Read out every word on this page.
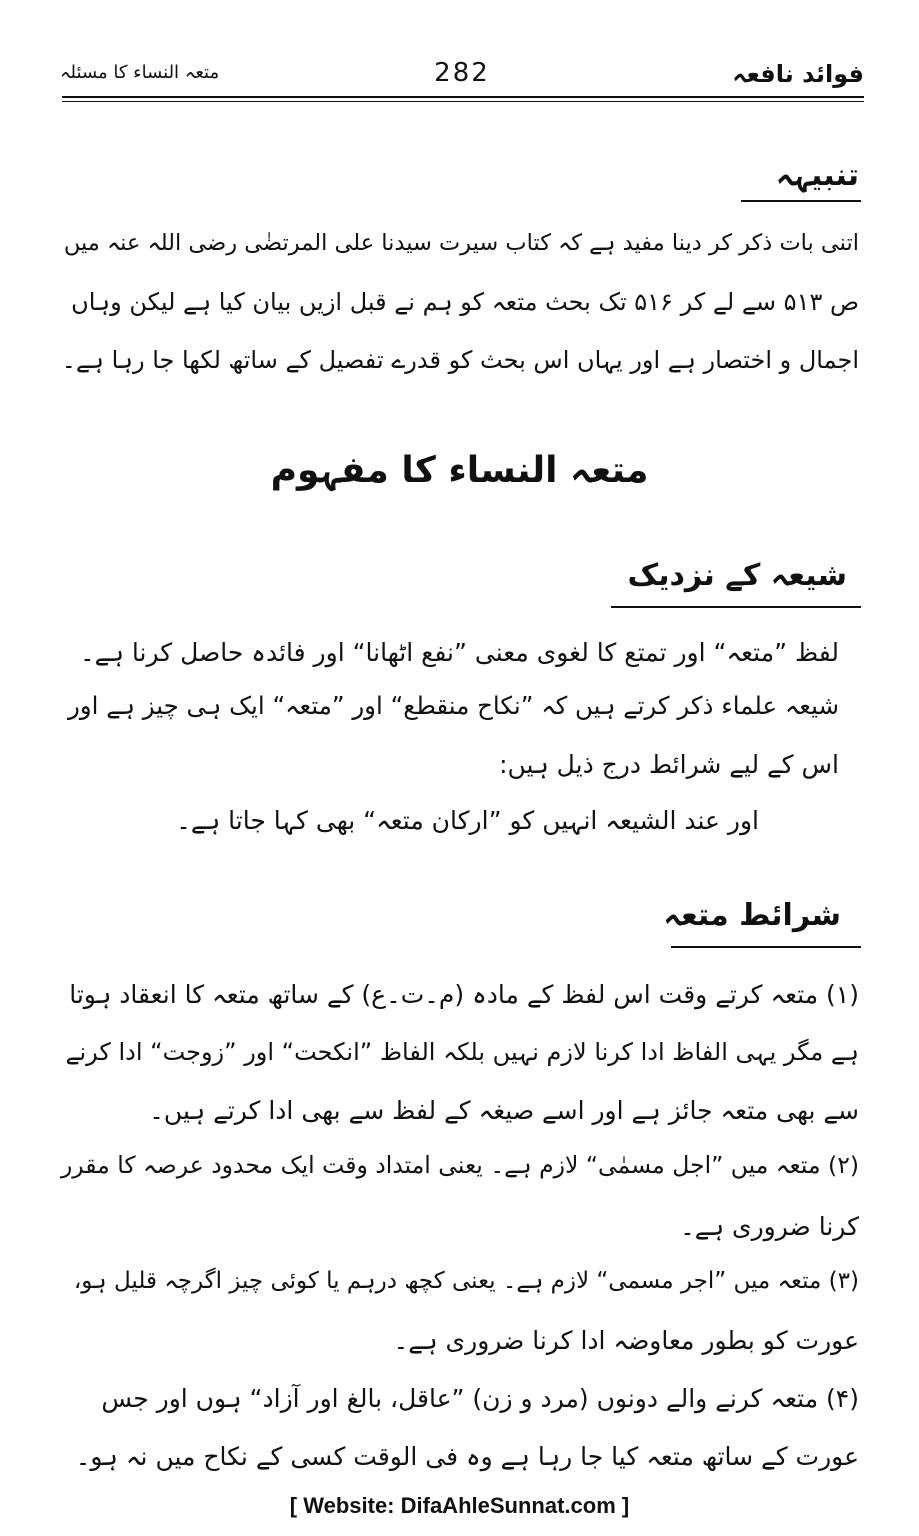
متعہ النساء کا مسئلہ	282	فوائد نافعہ
تنبیہہ
اتنی بات ذکر کر دینا مفید ہے کہ کتاب سیرت سیدنا علی المرتضٰی رضی اللہ عنہ میں
ص ۵۱۳ سے لے کر ۵۱۶ تک بحث متعہ کو ہم نے قبل ازیں بیان کیا ہے لیکن وہاں
اجمال و اختصار ہے اور یہاں اس بحث کو قدرے تفصیل کے ساتھ لکھا جا رہا ہے۔
متعہ النساء کا مفہوم
شیعہ کے نزدیک
لفظ ”متعہ“ اور تمتع کا لغوی معنی ”نفع اٹھانا“ اور فائدہ حاصل کرنا ہے۔
شیعہ علماء ذکر کرتے ہیں کہ ”نکاح منقطع“ اور ”متعہ“ ایک ہی چیز ہے اور
اس کے لیے شرائط درج ذیل ہیں:
اور عند الشیعہ انہیں کو ”ارکان متعہ“ بھی کہا جاتا ہے۔
شرائط متعہ
(۱) متعہ کرتے وقت اس لفظ کے مادہ (م۔ت۔ع) کے ساتھ متعہ کا انعقاد ہوتا
ہے مگر یہی الفاظ ادا کرنا لازم نہیں بلکہ الفاظ ”انکحت“ اور ”زوجت“ ادا کرنے
سے بھی متعہ جائز ہے اور اسے صیغہ کے لفظ سے بھی ادا کرتے ہیں۔
(۲) متعہ میں ”اجل مسمٰی“ لازم ہے۔ یعنی امتداد وقت ایک محدود عرصہ کا مقرر
کرنا ضروری ہے۔
(۳) متعہ میں ”اجر مسمی“ لازم ہے۔ یعنی کچھ درہم یا کوئی چیز اگرچہ قلیل ہو،
عورت کو بطور معاوضہ ادا کرنا ضروری ہے۔
(۴) متعہ کرنے والے دونوں (مرد و زن) ”عاقل، بالغ اور آزاد“ ہوں اور جس
عورت کے ساتھ متعہ کیا جا رہا ہے وہ فی الوقت کسی کے نکاح میں نہ ہو۔
[ Website: DifaAhleSunnat.com ]
